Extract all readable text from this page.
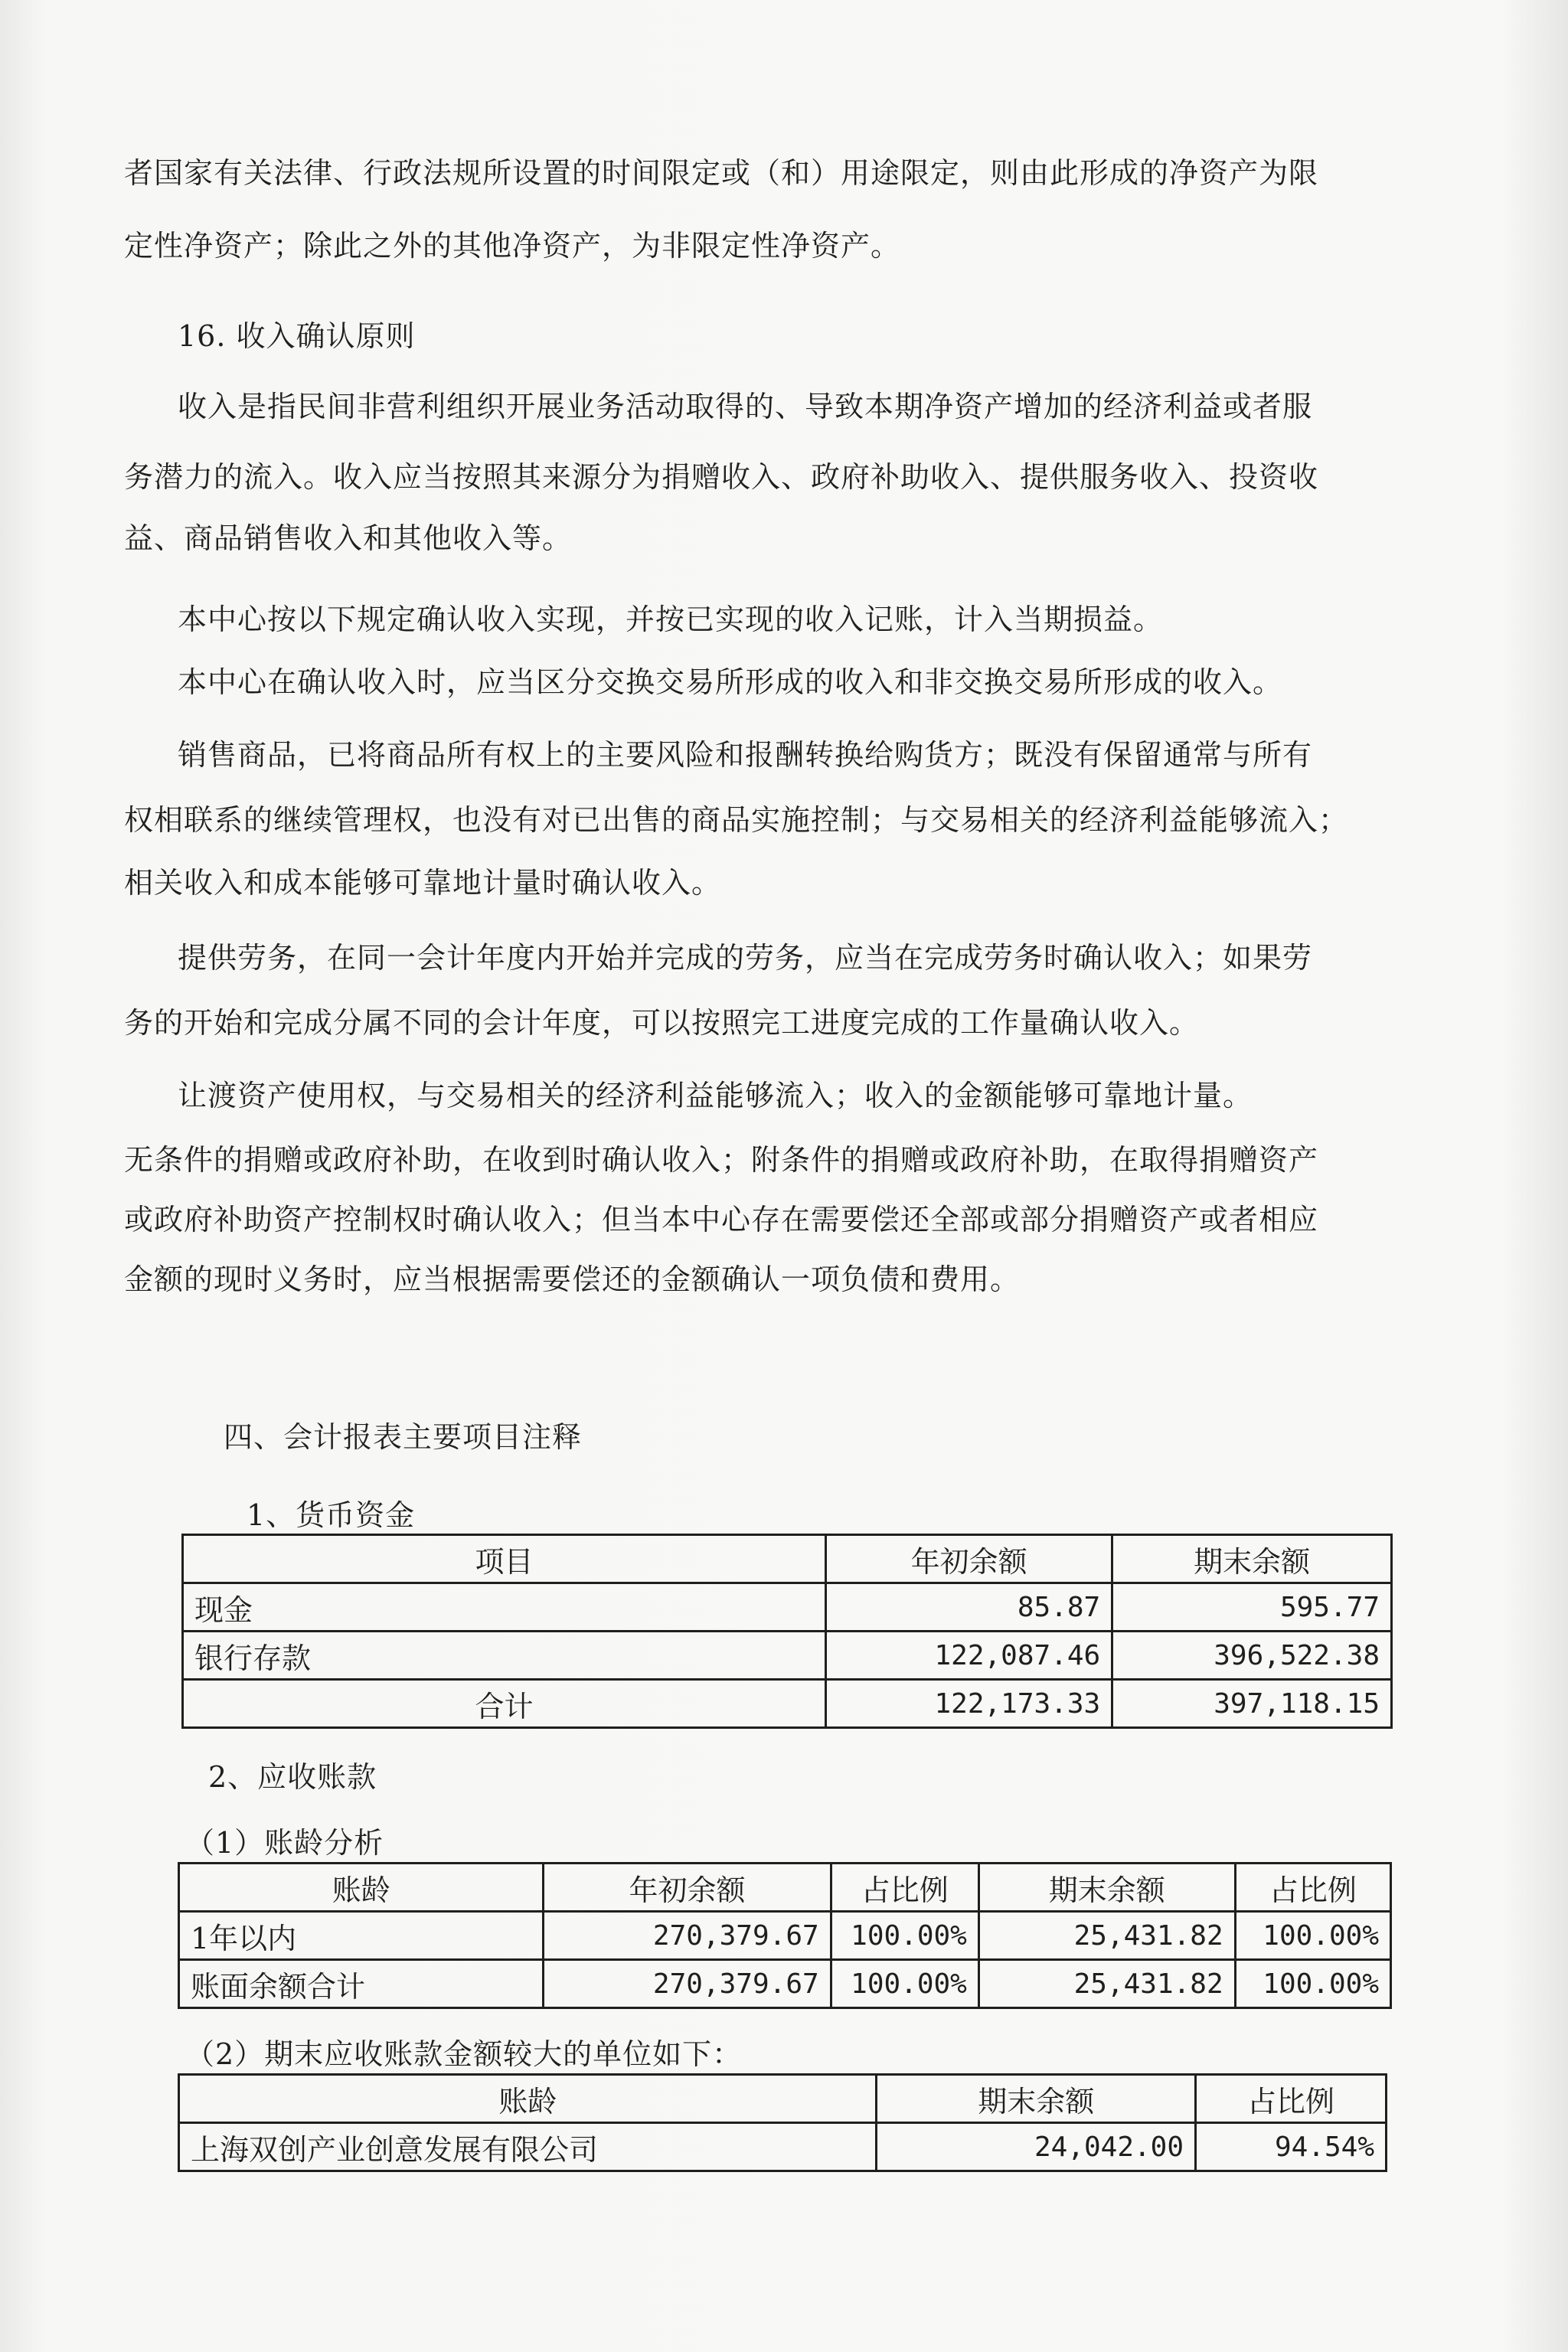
者国家有关法律、行政法规所设置的时间限定或（和）用途限定，则由此形成的净资产为限
定性净资产；除此之外的其他净资产，为非限定性净资产。
16. 收入确认原则
收入是指民间非营利组织开展业务活动取得的、导致本期净资产增加的经济利益或者服
务潜力的流入。收入应当按照其来源分为捐赠收入、政府补助收入、提供服务收入、投资收
益、商品销售收入和其他收入等。
本中心按以下规定确认收入实现，并按已实现的收入记账，计入当期损益。
本中心在确认收入时，应当区分交换交易所形成的收入和非交换交易所形成的收入。
销售商品，已将商品所有权上的主要风险和报酬转换给购货方；既没有保留通常与所有
权相联系的继续管理权，也没有对已出售的商品实施控制；与交易相关的经济利益能够流入；
相关收入和成本能够可靠地计量时确认收入。
提供劳务，在同一会计年度内开始并完成的劳务，应当在完成劳务时确认收入；如果劳
务的开始和完成分属不同的会计年度，可以按照完工进度完成的工作量确认收入。
让渡资产使用权，与交易相关的经济利益能够流入；收入的金额能够可靠地计量。
无条件的捐赠或政府补助，在收到时确认收入；附条件的捐赠或政府补助，在取得捐赠资产
或政府补助资产控制权时确认收入；但当本中心存在需要偿还全部或部分捐赠资产或者相应
金额的现时义务时，应当根据需要偿还的金额确认一项负债和费用。
四、会计报表主要项目注释
1、货币资金
项目	年初余额	期末余额
现金	85.87	595.77
银行存款	122,087.46	396,522.38
合计	122,173.33	397,118.15
2、应收账款
（1）账龄分析
账龄	年初余额	占比例	期末余额	占比例
1年以内	270,379.67	100.00%	25,431.82	100.00%
账面余额合计	270,379.67	100.00%	25,431.82	100.00%
（2）期末应收账款金额较大的单位如下：
账龄	期末余额	占比例
上海双创产业创意发展有限公司	24,042.00	94.54%
